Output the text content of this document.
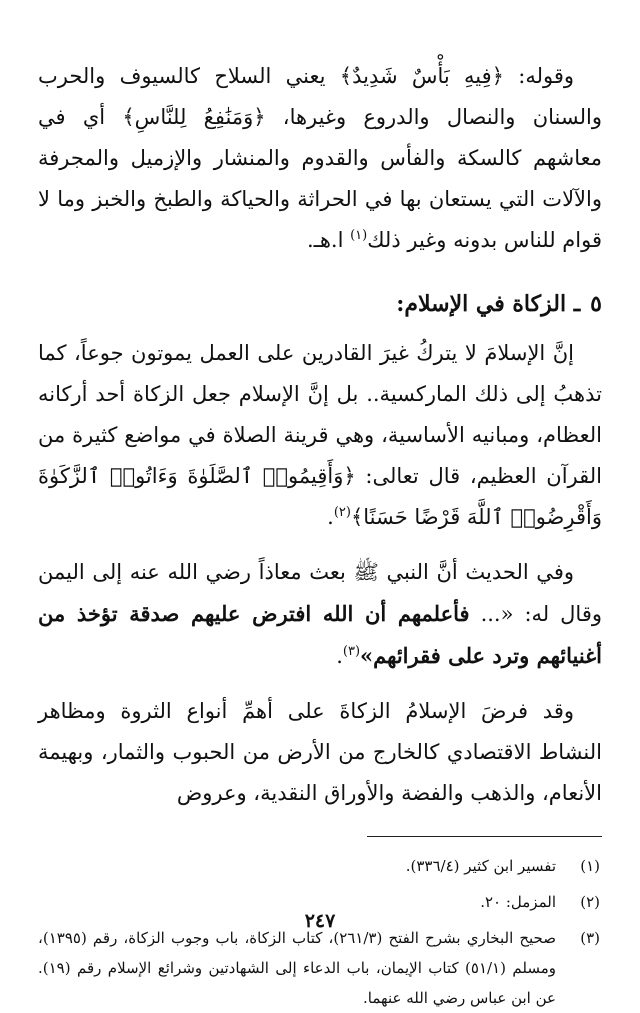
وقوله: ﴿فِيهِ بَأْسٌ شَدِيدٌ﴾ يعني السلاح كالسيوف والحرب والسنان والنصال والدروع وغيرها، ﴿وَمَنَٰفِعُ لِلنَّاسِ﴾ أي في معاشهم كالسكة والفأس والقدوم والمنشار والإزميل والمجرفة والآلات التي يستعان بها في الحراثة والحياكة والطبخ والخبز وما لا قوام للناس بدونه وغير ذلك$^{(١)}$ ا.هـ.

٥ـ الزكاة في الإسلام:

إنَّ الإسلامَ لا يتركُ غيرَ القادرين على العمل يموتون جوعاً، كما تذهبُ إلى ذلك الماركسية.. بل إنَّ الإسلام جعل الزكاة أحد أركانه العظام، ومبانيه الأساسية، وهي قرينة الصلاة في مواضع كثيرة من القرآن العظيم، قال تعالى: ﴿وَأَقِيمُوا۟ ٱلصَّلَوٰةَ وَءَاتُوا۟ ٱلزَّكَوٰةَ وَأَقْرِضُوا۟ ٱللَّهَ قَرْضًا حَسَنًا﴾$^{(٢)}$.

وفي الحديث أنَّ النبي ﷺ بعث معاذاً رضي الله عنه إلى اليمن وقال له: «... فأعلمهم أن الله افترض عليهم صدقة تؤخذ من أغنيائهم وترد على فقرائهم»$^{(٣)}$.

وقد فرضَ الإسلامُ الزكاةَ على أهمِّ أنواع الثروة ومظاهر النشاط الاقتصادي كالخارج من الأرض من الحبوب والثمار، وبهيمة الأنعام، والذهب والفضة والأوراق النقدية، وعروض

(١)
تفسير ابن كثير (٣٣٦/٤).
(٢)
المزمل: ٢٠.
(٣)
صحيح البخاري بشرح الفتح (٢٦١/٣)، كتاب الزكاة، باب وجوب الزكاة، رقم (١٣٩٥)، ومسلم (٥١/١) كتاب الإيمان، باب الدعاء إلى الشهادتين وشرائع الإسلام رقم (١٩). عن ابن عباس رضي الله عنهما.
٢٤٧
